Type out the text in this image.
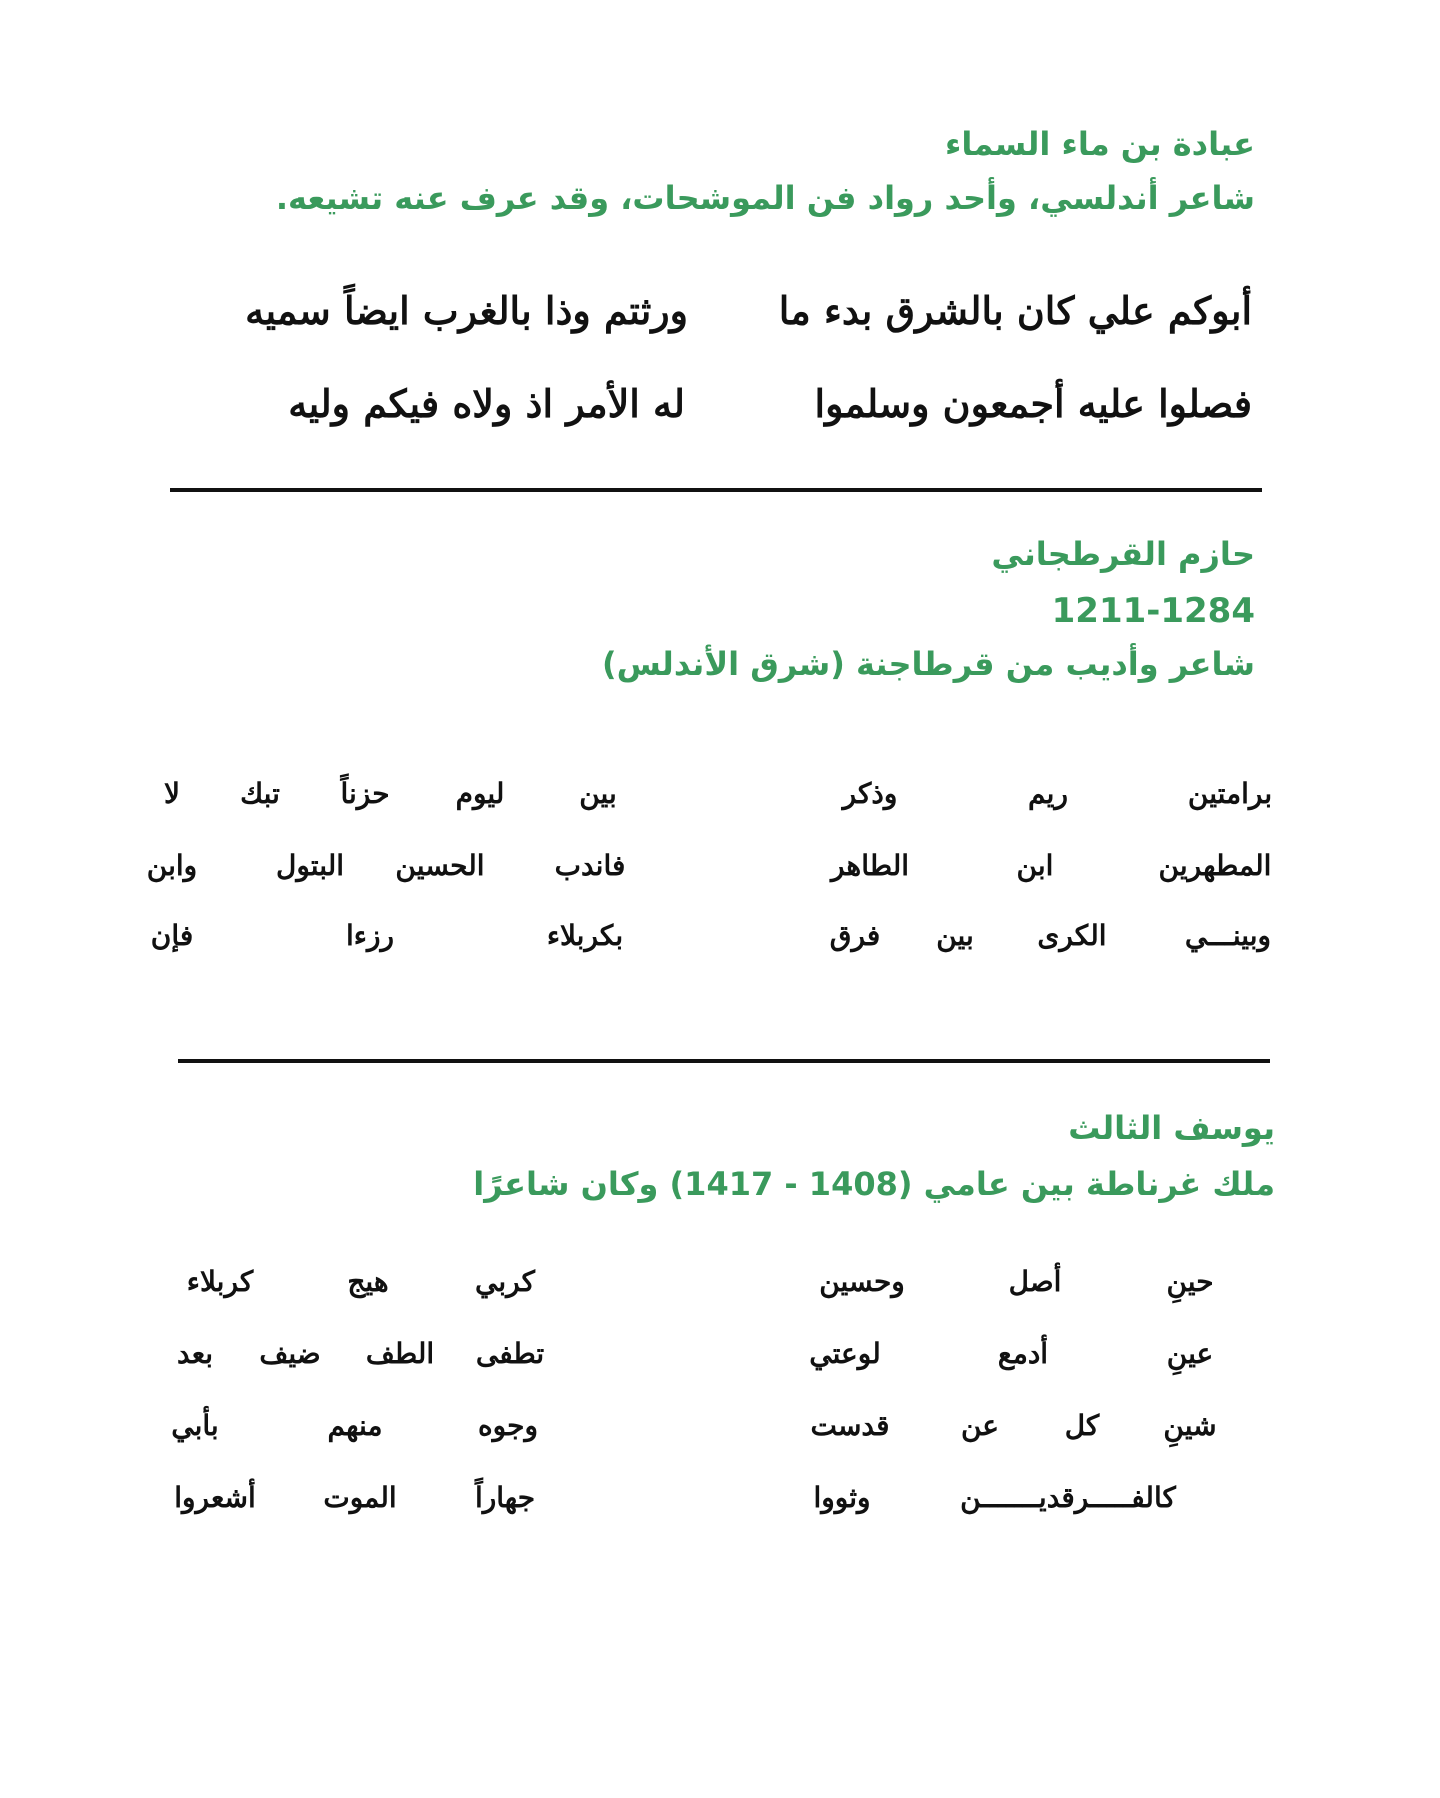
عبادة بن ماء السماء
شاعر أندلسي، وأحد رواد فن الموشحات، وقد عرف عنه تشيعه.
أبوكم علي كان بالشرق بدء ما
ورثتم وذا بالغرب ايضاً سميه
فصلوا عليه أجمعون وسلموا
له الأمر اذ ولاه فيكم وليه
حازم القرطجاني
1211-1284
شاعر وأديب من قرطاجنة (شرق الأندلس)
لا تبك حزناً ليوم	بين	وذكر	ريم	برامتين
وابن	البتول الحسين	فاندب	الطاهر	ابن	المطهرين
فإن	رزءا	بكربلاء	فرق بين الكرى	وبينـــي
يوسف الثالث
ملك غرناطة بين عامي (1408 - 1417) وكان شاعرًا
كربلاء	هيج	كربي	وحسين	أصل	حينِ
بعد ضيف الطف تطفى	لوعتي	أدمع	عينِ
بأبي	منهم	وجوه	قدست	عن كل شينِ
أشعروا الموت	جهاراً	وثووا	كالفـــــرقديـــــــن
